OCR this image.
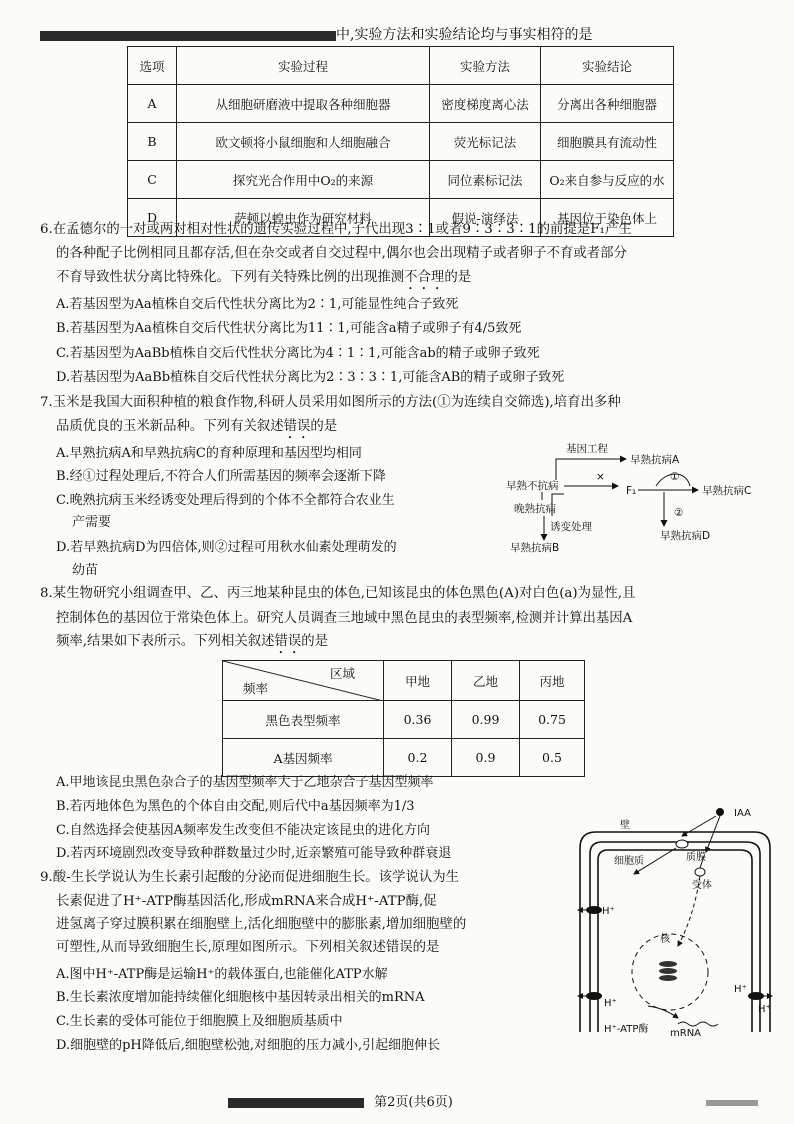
中,实验方法和实验结论均与事实相符的是
选项	实验过程	实验方法	实验结论
A	从细胞研磨液中提取各种细胞器	密度梯度离心法	分离出各种细胞器
B	欧文顿将小鼠细胞和人细胞融合	荧光标记法	细胞膜具有流动性
C	探究光合作用中O₂的来源	同位素标记法	O₂来自参与反应的水
D	萨顿以蝗虫作为研究材料	假说-演绎法	基因位于染色体上
6.在孟德尔的一对或两对相对性状的遗传实验过程中,子代出现3∶1或者9∶3∶3∶1的前提是F₁产生
的各种配子比例相同且都存活,但在杂交或者自交过程中,偶尔也会出现精子或者卵子不育或者部分
不育导致性状分离比特殊化。下列有关特殊比例的出现推测不合理的是
A.若基因型为Aa植株自交后代性状分离比为2∶1,可能显性纯合子致死
B.若基因型为Aa植株自交后代性状分离比为11∶1,可能含a精子或卵子有4/5致死
C.若基因型为AaBb植株自交后代性状分离比为4∶1∶1,可能含ab的精子或卵子致死
D.若基因型为AaBb植株自交后代性状分离比为2∶3∶3∶1,可能含AB的精子或卵子致死
7.玉米是我国大面积种植的粮食作物,科研人员采用如图所示的方法(①为连续自交筛选),培育出多种
品质优良的玉米新品种。下列有关叙述错误的是
A.早熟抗病A和早熟抗病C的育种原理和基因型均相同
B.经①过程处理后,不符合人们所需基因的频率会逐渐下降
C.晚熟抗病玉米经诱变处理后得到的个体不全都符合农业生
产需要
D.若早熟抗病D为四倍体,则②过程可用秋水仙素处理萌发的
幼苗
基因工程
早熟抗病A
早熟不抗病
×
F₁
①
早熟抗病C
晚熟抗病	②
诱变处理
早熟抗病D
早熟抗病B
8.某生物研究小组调查甲、乙、丙三地某种昆虫的体色,已知该昆虫的体色黑色(A)对白色(a)为显性,且
控制体色的基因位于常染色体上。研究人员调查三地域中黑色昆虫的表型频率,检测并计算出基因A
频率,结果如下表所示。下列相关叙述错误的是
区域
频率	甲地	乙地	丙地
黑色表型频率	0.36	0.99	0.75
A基因频率	0.2	0.9	0.5
A.甲地该昆虫黑色杂合子的基因型频率大于乙地杂合子基因型频率
B.若丙地体色为黑色的个体自由交配,则后代中a基因频率为1/3
C.自然选择会使基因A频率发生改变但不能决定该昆虫的进化方向
D.若丙环境剧烈改变导致种群数量过少时,近亲繁殖可能导致种群衰退
9.酸-生长学说认为生长素引起酸的分泌而促进细胞生长。该学说认为生
长素促进了H⁺-ATP酶基因活化,形成mRNA来合成H⁺-ATP酶,促
进氢离子穿过膜积累在细胞壁上,活化细胞壁中的膨胀素,增加细胞壁的
可塑性,从而导致细胞生长,原理如图所示。下列相关叙述错误的是
A.图中H⁺-ATP酶是运输H⁺的载体蛋白,也能催化ATP水解
B.生长素浓度增加能持续催化细胞核中基因转录出相关的mRNA
C.生长素的受体可能位于细胞膜上及细胞质基质中
D.细胞壁的pH降低后,细胞壁松弛,对细胞的压力减小,引起细胞伸长
IAA
壁
细胞质	质膜
受体
H⁺
H⁺
H⁺
H⁺
核
H⁺-ATP酶 mRNA
第2页(共6页)
